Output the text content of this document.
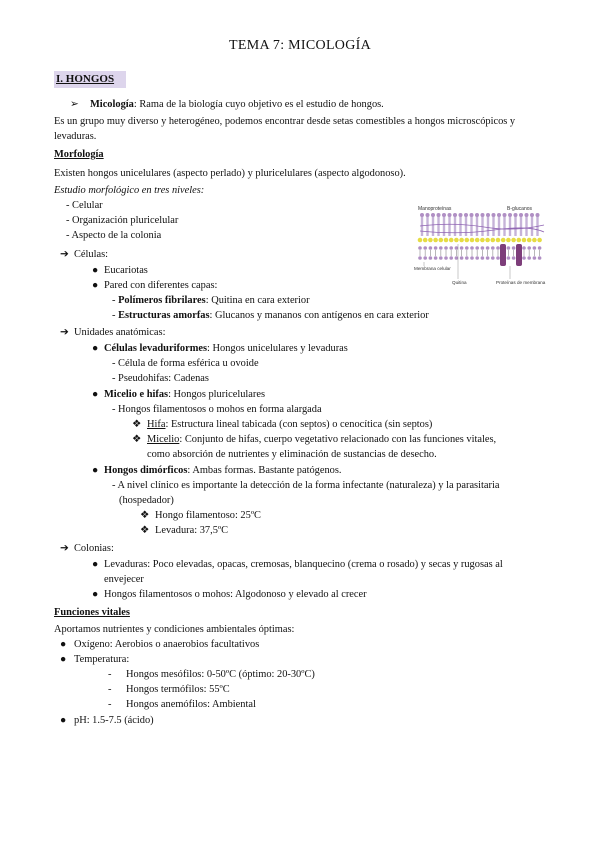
TEMA 7: MICOLOGÍA
I. HONGOS
➢ Micología: Rama de la biología cuyo objetivo es el estudio de hongos.
Es un grupo muy diverso y heterogéneo, podemos encontrar desde setas comestibles a hongos microscópicos y levaduras.
Morfología
Existen hongos unicelulares (aspecto perlado) y pluricelulares (aspecto algodonoso).
Estudio morfológico en tres niveles:
- Celular
- Organización pluricelular
- Aspecto de la colonia
➔ Células:
● Eucariotas
● Pared con diferentes capas:
- Polímeros fibrilares: Quitina en cara exterior
- Estructuras amorfas: Glucanos y mananos con antígenos en cara exterior
➔ Unidades anatómicas:
● Células levaduriformes: Hongos unicelulares y levaduras
- Célula de forma esférica u ovoide
- Pseudohifas: Cadenas
● Micelio e hifas: Hongos pluricelulares
- Hongos filamentosos o mohos en forma alargada
❖ Hifa: Estructura lineal tabicada (con septos) o cenocítica (sin septos)
❖ Micelio: Conjunto de hifas, cuerpo vegetativo relacionado con las funciones vitales,
como absorción de nutrientes y eliminación de sustancias de desecho.
● Hongos dimórficos: Ambas formas. Bastante patógenos.
- A nivel clínico es importante la detección de la forma infectante (naturaleza) y la parasitaria
(hospedador)
❖ Hongo filamentoso: 25ºC
❖ Levadura: 37,5ºC
➔ Colonias:
● Levaduras: Poco elevadas, opacas, cremosas, blanquecino (crema o rosado) y secas y rugosas al
envejecer
● Hongos filamentosos o mohos: Algodonoso y elevado al crecer
Funciones vitales
Aportamos nutrientes y condiciones ambientales óptimas:
● Oxígeno: Aerobios o anaerobios facultativos
● Temperatura:
- Hongos mesófilos: 0-50ºC (óptimo: 20-30ºC)
- Hongos termófilos: 55ºC
- Hongos anemófilos: Ambiental
● pH: 1.5-7.5 (ácido)
Manoproteínas	B-glucanos
Membrana celular
Quitina	Proteínas de membrana
